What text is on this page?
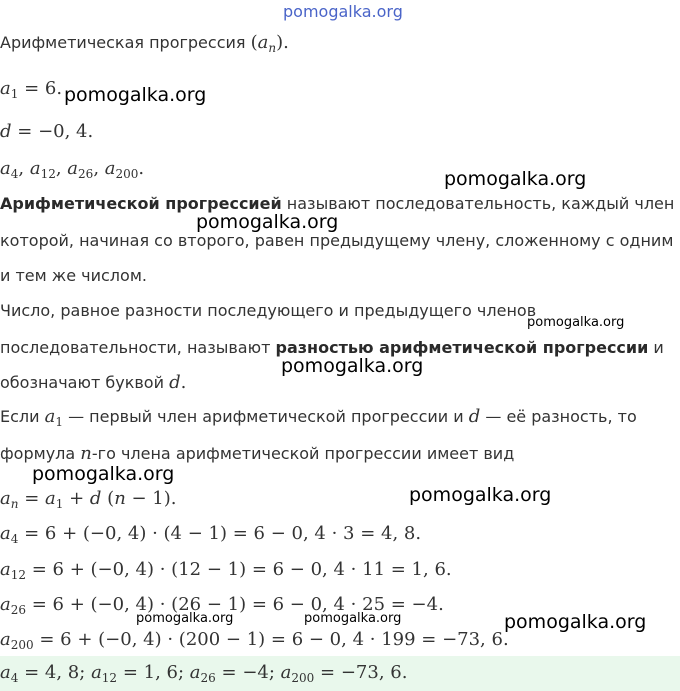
pomogalka.org
Арифметическая прогрессия $(a_n)$.
$a_1 = 6$.
d = −0, 4.
$a_4$, $a_{12}$, $a_{26}$, $a_{200}$.
Арифметической прогрессией называют последовательность, каждый член
которой, начиная со второго, равен предыдущему члену, сложенному с одним
и тем же числом.
Число, равное разности последующего и предыдущего членов
последовательности, называют разностью арифметической прогрессии и
обозначают буквой d.
Если $a_1$ — первый член арифметической прогрессии и d — её разность, то
формула n-го члена арифметической прогрессии имеет вид
$a_n = a_1 + d$ (n − 1).
$a_4 = 6 + (-0$, 4) · (4 − 1) = 6 − 0, 4 · 3 = 4, 8.
$a_{12} = 6 + (-0$, 4) · (12 − 1) = 6 − 0, 4 · 11 = 1, 6.
$a_{26} = 6 + (-0$, 4) · (26 − 1) = 6 − 0, 4 · 25 = −4.
$a_{200} = 6 + (-0$, 4) · (200 − 1) = 6 − 0, 4 · 199 = −73, 6.
$a_4 = 4$, 8; $a_{12} = 1$, 6; $a_{26} = -4$; $a_{200} = -73$, 6.
pomogalka.org
pomogalka.org
pomogalka.org
pomogalka.org
pomogalka.org
pomogalka.org
pomogalka.org
pomogalka.org	pomogalka.org	pomogalka.org
